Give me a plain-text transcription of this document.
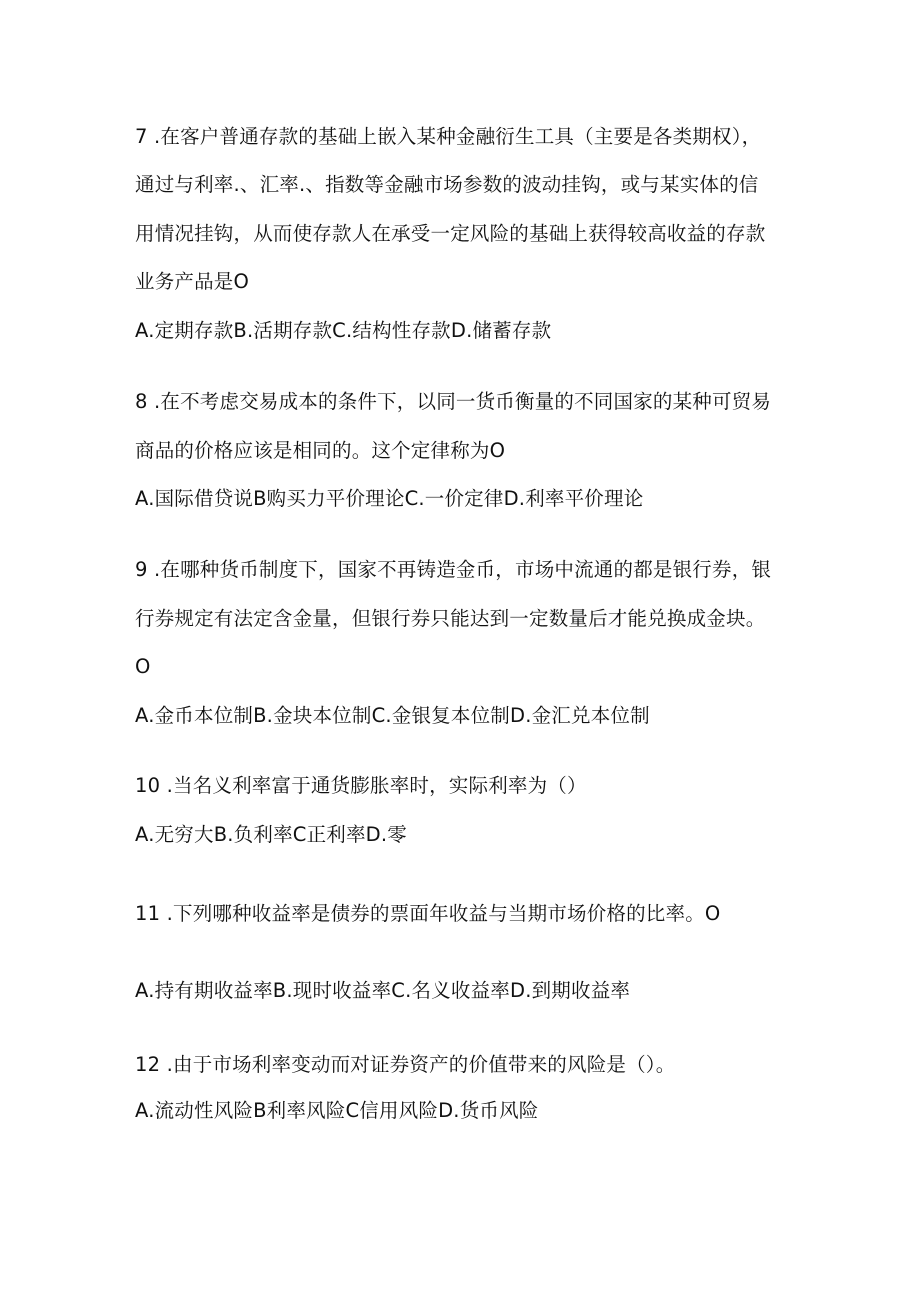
7 .在客户普通存款的基础上嵌入某种金融衍生工具（主要是各类期权），
通过与利率.、汇率.、指数等金融市场参数的波动挂钩，或与某实体的信
用情况挂钩，从而使存款人在承受一定风险的基础上获得较高收益的存款
业务产品是O
A.定期存款B.活期存款C.结构性存款D.储蓄存款
8 .在不考虑交易成本的条件下，以同一货币衡量的不同国家的某种可贸易
商品的价格应该是相同的。这个定律称为O
A.国际借贷说B购买力平价理论C.一价定律D.利率平价理论
9 .在哪种货币制度下，国家不再铸造金币，市场中流通的都是银行券，银
行券规定有法定含金量，但银行券只能达到一定数量后才能兑换成金块。
O
A.金币本位制B.金块本位制C.金银复本位制D.金汇兑本位制
10 .当名义利率富于通货膨胀率时，实际利率为（）
A.无穷大B.负利率C正利率D.零
11 .下列哪种收益率是债券的票面年收益与当期市场价格的比率。O
A.持有期收益率B.现时收益率C.名义收益率D.到期收益率
12 .由于市场利率变动而对证券资产的价值带来的风险是（）。
A.流动性风险B利率风险C信用风险D.货币风险
